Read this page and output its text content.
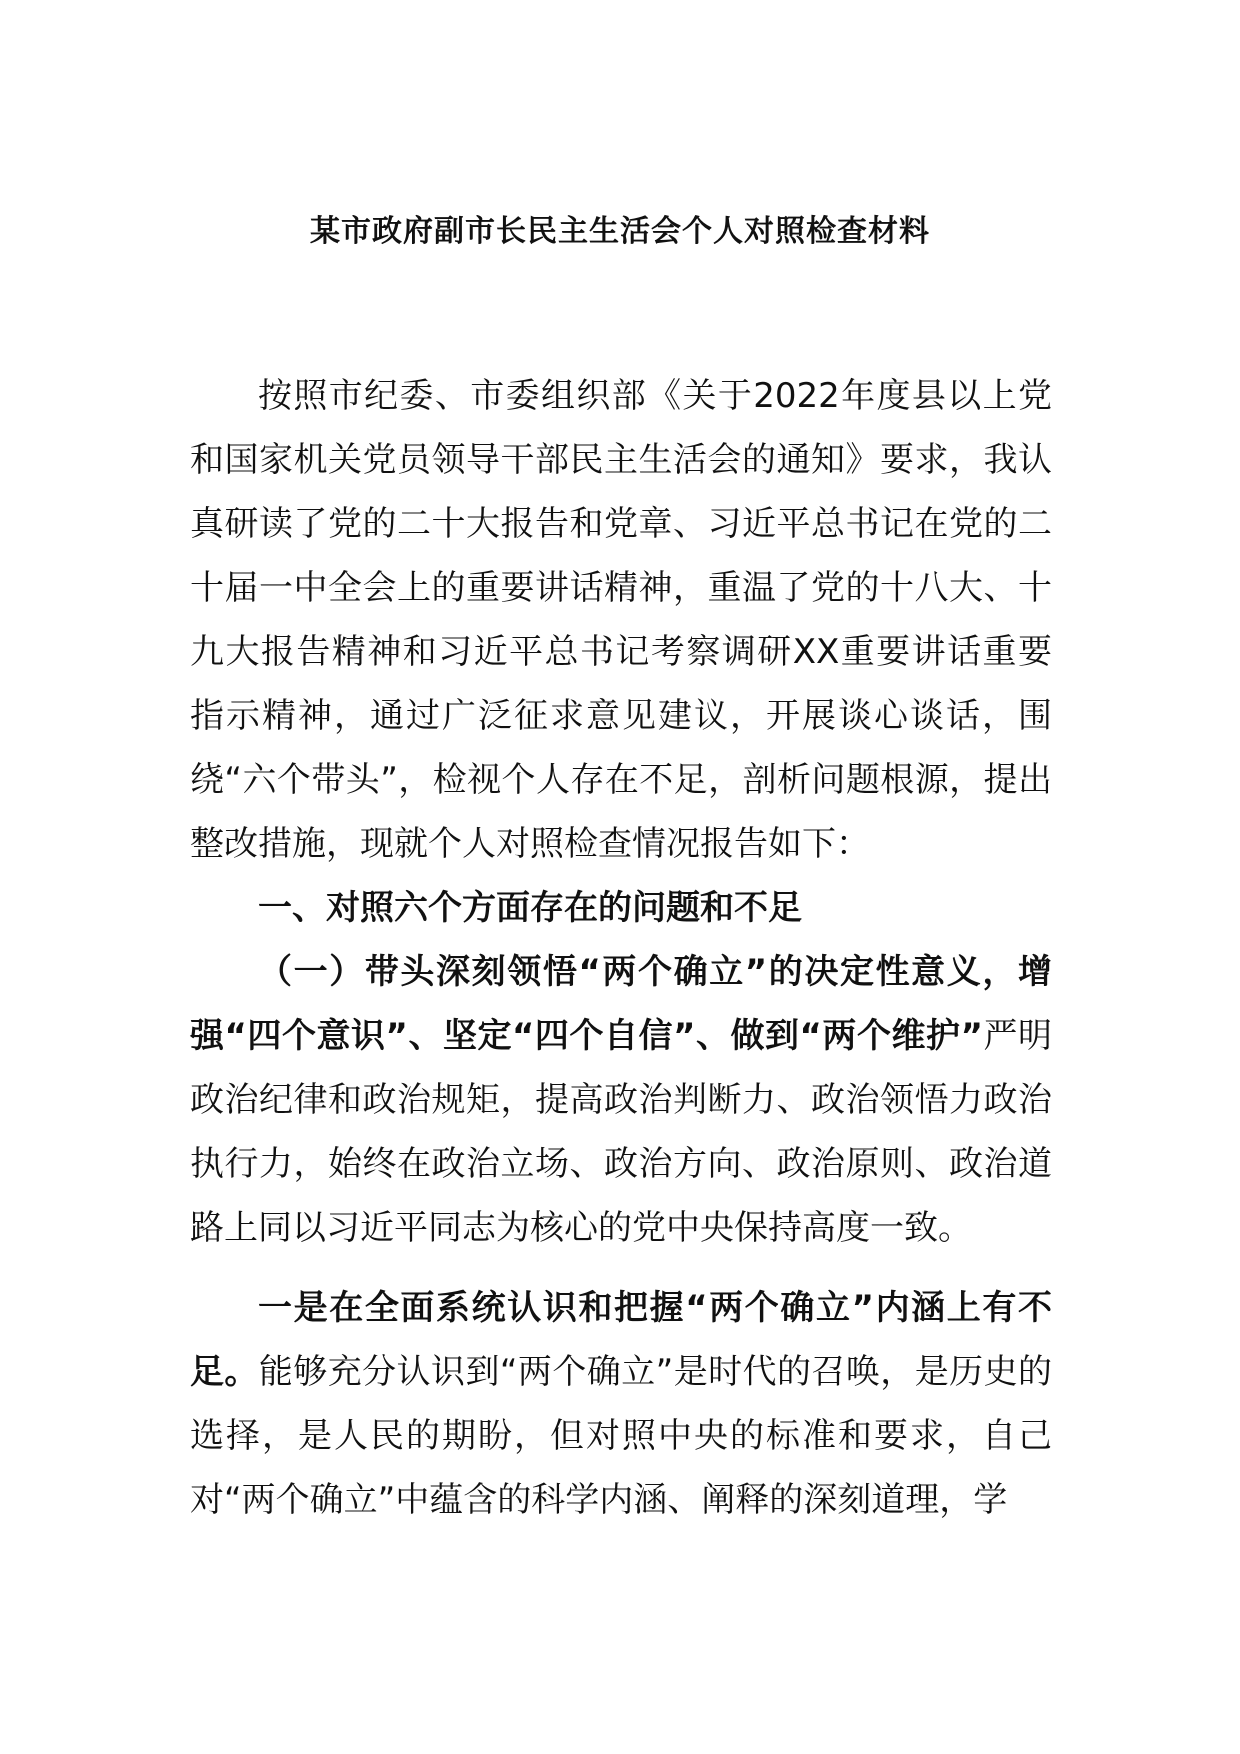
某市政府副市长民主生活会个人对照检查材料

按照市纪委、市委组织部《关于2022年度县以上党和国家机关党员领导干部民主生活会的通知》要求，我认真研读了党的二十大报告和党章、习近平总书记在党的二十届一中全会上的重要讲话精神，重温了党的十八大、十九大报告精神和习近平总书记考察调研XX重要讲话重要指示精神，通过广泛征求意见建议，开展谈心谈话，围绕“六个带头”，检视个人存在不足，剖析问题根源，提出整改措施，现就个人对照检查情况报告如下：

一、对照六个方面存在的问题和不足

（一）带头深刻领悟“两个确立”的决定性意义，增强“四个意识”、坚定“四个自信”、做到“两个维护”严明政治纪律和政治规矩，提高政治判断力、政治领悟力政治执行力，始终在政治立场、政治方向、政治原则、政治道路上同以习近平同志为核心的党中央保持高度一致。

一是在全面系统认识和把握“两个确立”内涵上有不足。能够充分认识到“两个确立”是时代的召唤，是历史的选择，是人民的期盼，但对照中央的标准和要求，自己对“两个确立”中蕴含的科学内涵、阐释的深刻道理，学
